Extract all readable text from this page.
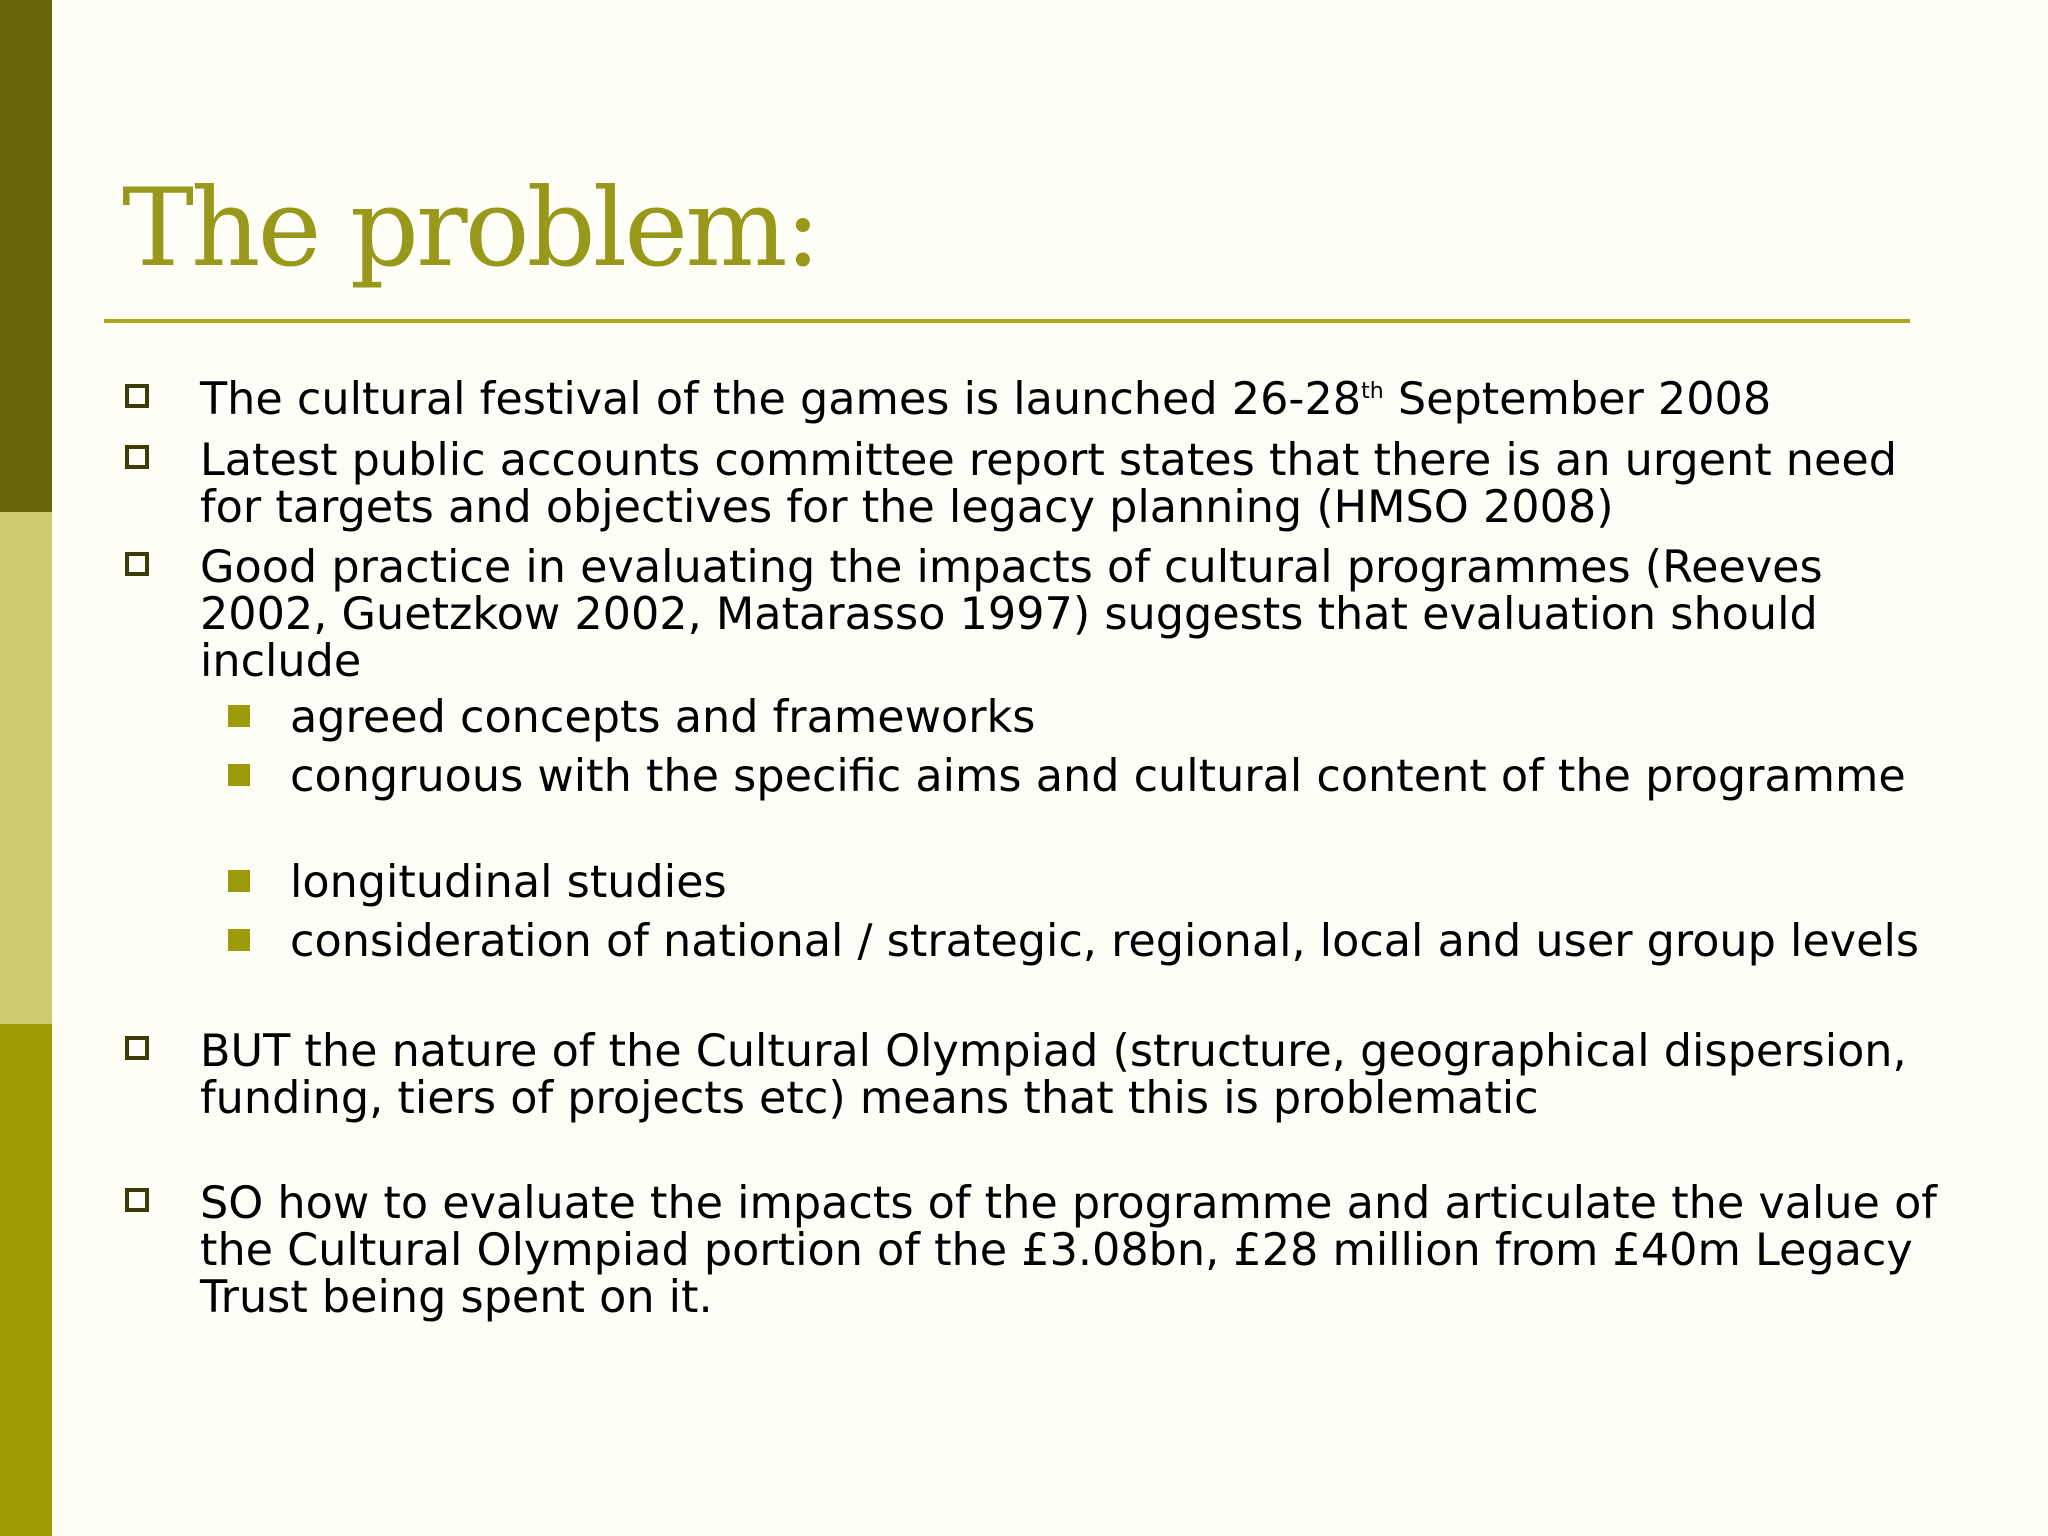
The problem:
The cultural festival of the games is launched 26-28th September 2008
Latest public accounts committee report states that there is an urgent need for targets and objectives for the legacy planning (HMSO 2008)
Good practice in evaluating the impacts of cultural programmes (Reeves 2002, Guetzkow 2002, Matarasso 1997) suggests that evaluation should include
agreed concepts and frameworks
congruous with the specific aims and cultural content of the programme
longitudinal studies
consideration of national / strategic, regional, local and user group levels
BUT the nature of the Cultural Olympiad (structure, geographical dispersion, funding, tiers of projects etc) means that this is problematic
SO how to evaluate the impacts of the programme and articulate the value of the Cultural Olympiad portion of the £3.08bn, £28 million from £40m Legacy Trust being spent on it.
